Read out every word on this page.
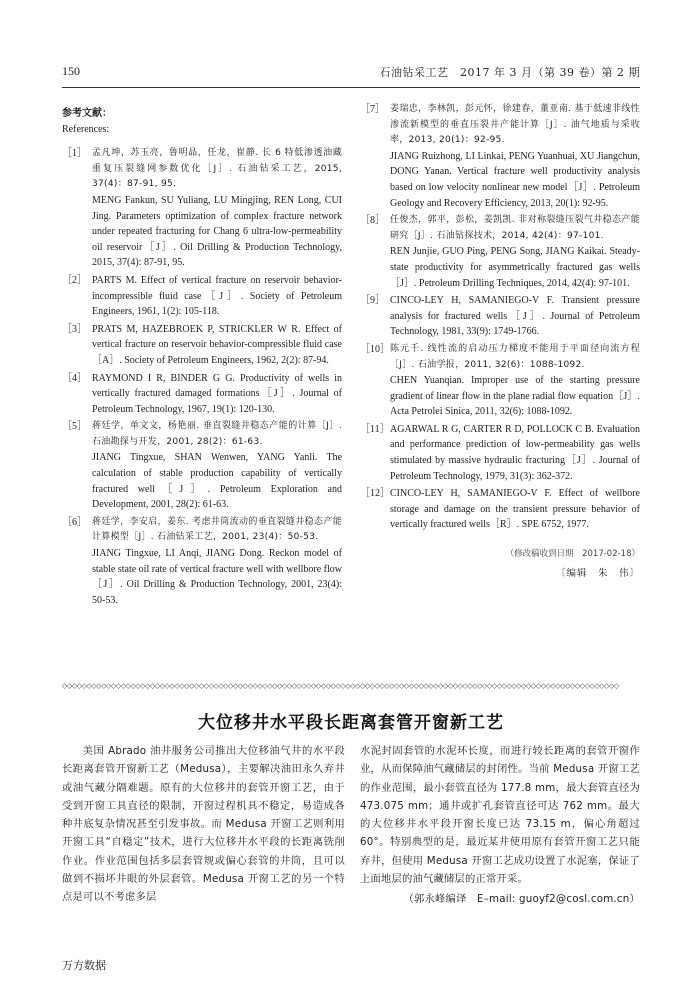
150	石油钻采工艺　2017 年 3 月（第 39 卷）第 2 期
参考文献：
References:
［1］ 孟凡坤，苏玉亮，鲁明晶，任龙，崔静. 长 6 特低渗透油藏重复压裂缝网参数优化［J］. 石油钻采工艺，2015, 37(4)：87-91, 95.
MENG Fankun, SU Yuliang, LU Mingjing, REN Long, CUI Jing. Parameters optimization of complex fracture network under repeated fracturing for Chang 6 ultra-low-permeability oil reservoir［J］. Oil Drilling & Production Technology, 2015, 37(4): 87-91, 95.
［2］ PARTS M. Effect of vertical fracture on reservoir behavior-incompressible fluid case［J］. Society of Petroleum Engineers, 1961, 1(2): 105-118.
［3］ PRATS M, HAZEBROEK P, STRICKLER W R. Effect of vertical fracture on reservoir behavior-compressible fluid case［A］. Society of Petroleum Engineers, 1962, 2(2): 87-94.
［4］ RAYMOND I R, BINDER G G. Productivity of wells in vertically fractured damaged formations［J］. Journal of Petroleum Technology, 1967, 19(1): 120-130.
［5］ 蒋廷学，单文文，杨艳丽. 垂直裂缝井稳态产能的计算［J］. 石油勘探与开发，2001, 28(2)：61-63.
JIANG Tingxue, SHAN Wenwen, YANG Yanli. The calculation of stable production capability of vertically fractured well［J］. Petroleum Exploration and Development, 2001, 28(2): 61-63.
［6］ 蒋廷学，李安启，姜东. 考虑井筒流动的垂直裂缝井稳态产能计算模型［J］. 石油钻采工艺，2001, 23(4)：50-53.
JIANG Tingxue, LI Anqi, JIANG Dong. Reckon model of stable state oil rate of vertical fracture well with wellbore flow［J］. Oil Drilling & Production Technology, 2001, 23(4): 50-53.
［7］ 姜瑞忠，李林凯，彭元怀，徐建春，董亚南. 基于低速非线性渗流新模型的垂直压裂井产能计算［J］. 油气地质与采收率，2013, 20(1)：92-95.
JIANG Ruizhong, LI Linkai, PENG Yuanhuai, XU Jiangchun, DONG Yanan. Vertical fracture well productivity analysis based on low velocity nonlinear new model［J］. Petroleum Geology and Recovery Efficiency, 2013, 20(1): 92-95.
［8］ 任俊杰，郭平，彭松，姜凯凯. 非对称裂缝压裂气井稳态产能研究［J］. 石油钻探技术，2014, 42(4)：97-101.
REN Junjie, GUO Ping, PENG Song, JIANG Kaikai. Steady-state productivity for asymmetrically fractured gas wells［J］. Petroleum Drilling Techniques, 2014, 42(4): 97-101.
［9］ CINCO-LEY H, SAMANIEGO-V F. Transient pressure analysis for fractured wells［J］. Journal of Petroleum Technology, 1981, 33(9): 1749-1766.
［10］ 陈元千. 线性流的启动压力梯度不能用于平面径向流方程［J］. 石油学报，2011, 32(6)：1088-1092.
CHEN Yuanqian. Improper use of the starting pressure gradient of linear flow in the plane radial flow equation［J］. Acta Petrolei Sinica, 2011, 32(6): 1088-1092.
［11］ AGARWAL R G, CARTER R D, POLLOCK C B. Evaluation and performance prediction of low-permeability gas wells stimulated by massive hydraulic fracturing［J］. Journal of Petroleum Technology, 1979, 31(3): 362-372.
［12］ CINCO-LEY H, SAMANIEGO-V F. Effect of wellbore storage and damage on the transient pressure behavior of vertically fractured wells［R］. SPE 6752, 1977.
（修改稿收到日期　2017-02-18）
〔编辑　朱　伟〕
◇◇◇◇◇◇◇◇◇◇◇◇◇◇◇◇◇◇◇◇◇◇◇◇◇◇◇◇◇◇◇◇◇◇◇◇◇◇◇◇◇◇◇◇◇◇◇◇◇◇◇◇◇◇◇◇◇◇◇◇◇◇◇◇◇◇◇◇◇◇◇◇◇◇◇◇◇◇◇◇◇◇◇◇◇◇◇◇◇◇◇◇◇◇◇◇◇◇◇◇◇◇◇◇◇◇◇◇◇◇◇◇◇◇
大位移井水平段长距离套管开窗新工艺
美国 Abrado 油井服务公司推出大位移油气井的水平段长距离套管开窗新工艺（Medusa），主要解决油田永久弃井或油气藏分隔难题。原有的大位移井的套管开窗工艺，由于受到开窗工具直径的限制，开窗过程机具不稳定，易造成各种井底复杂情况甚至引发事故。而 Medusa 开窗工艺则利用开窗工具“自稳定”技术，进行大位移井水平段的长距离铣削作业。作业范围包括多层套管规或偏心套管的井筒，且可以做到不损坏井眼的外层套管。Medusa 开窗工艺的另一个特点是可以不考虑多层
水泥封固套管的水泥环长度，而进行较长距离的套管开窗作业，从而保障油气藏储层的封闭性。当前 Medusa 开窗工艺的作业范围，最小套管直径为 177.8 mm，最大套管直径为 473.075 mm；通井或扩孔套管直径可达 762 mm。最大的大位移井水平段开窗长度已达 73.15 m，偏心角超过 60°。特别典型的是，最近某井使用原有套管开窗工艺只能弃井，但使用 Medusa 开窗工艺成功设置了水泥塞，保证了上面地层的油气藏储层的正常开采。
（郭永峰编译　E–mail: guoyf2@cosl.com.cn）
万方数据
